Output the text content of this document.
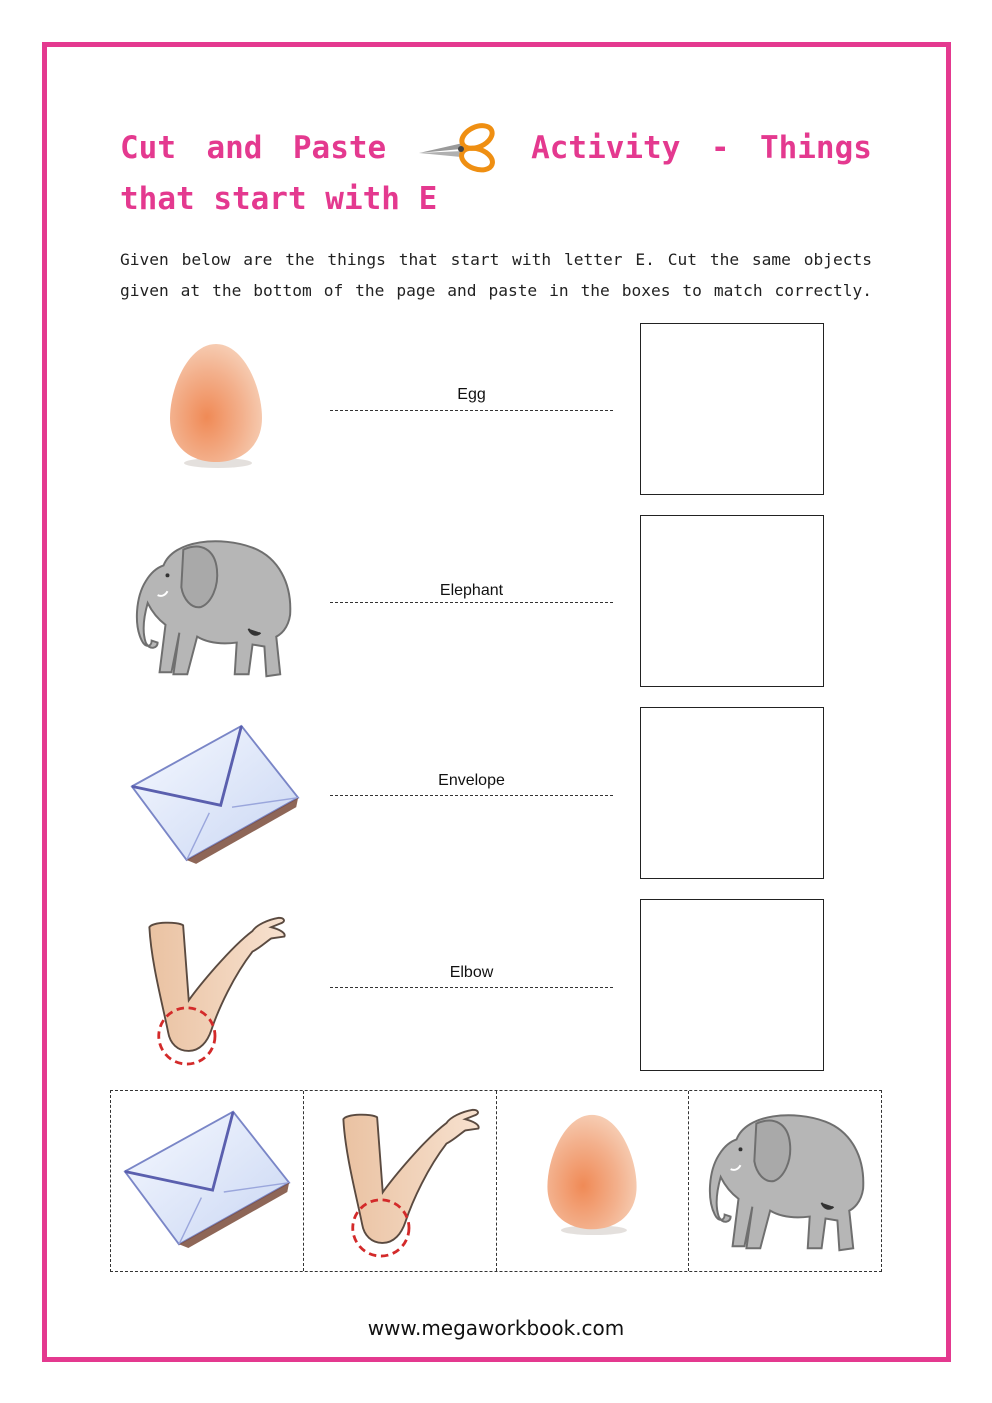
Cut and Paste	Activity - Things
that start with E

Given below are the things that start with letter E. Cut the same objects given at the bottom of the page and paste in the boxes to match correctly.

Egg
Elephant
Envelope
Elbow
www.megaworkbook.com
